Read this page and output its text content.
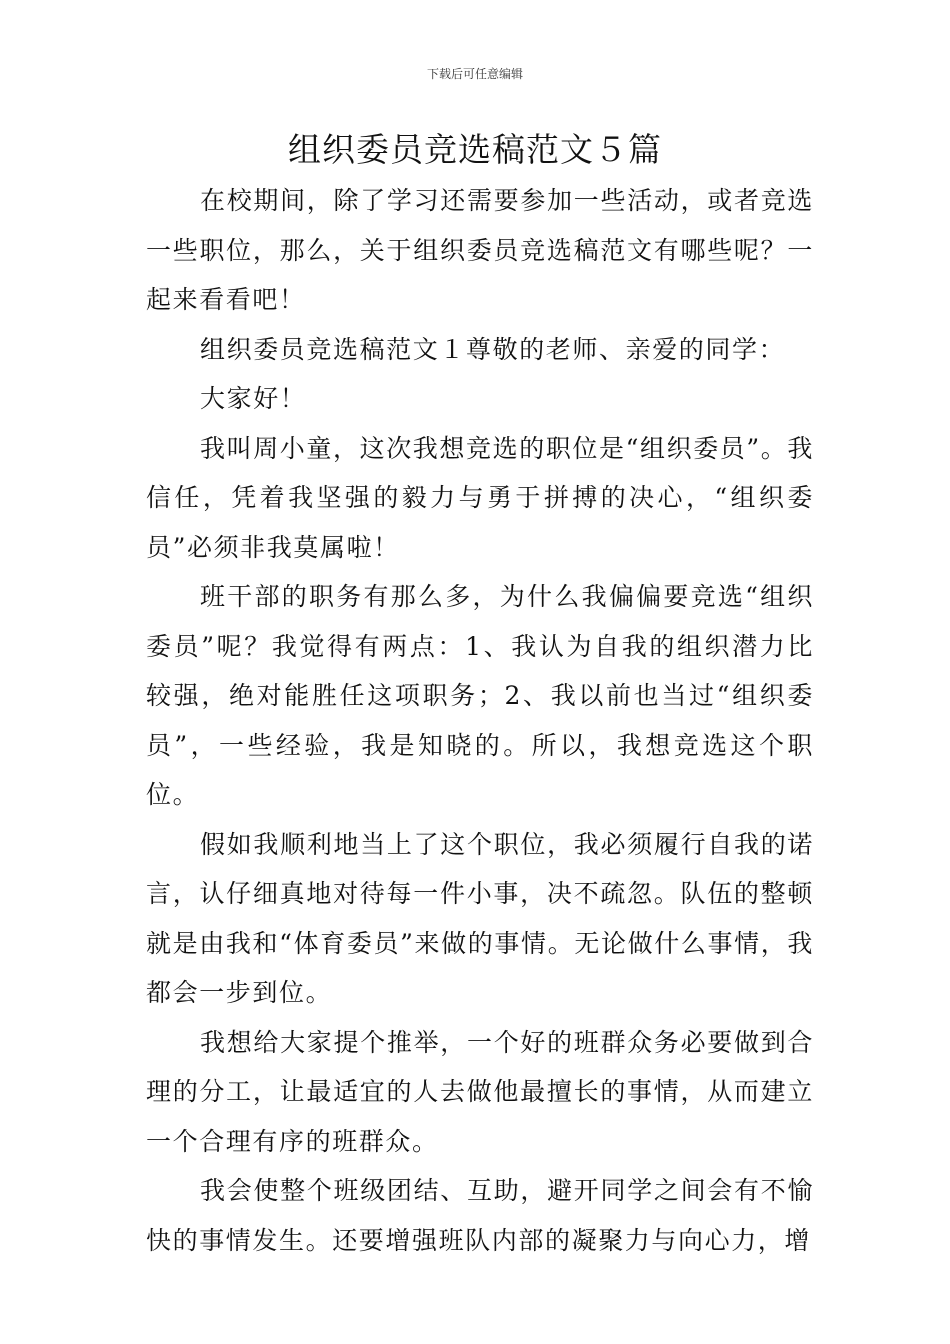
下载后可任意编辑
组织委员竞选稿范文５篇

在校期间，除了学习还需要参加一些活动，或者竞选一些职位，那么，关于组织委员竞选稿范文有哪些呢？一起来看看吧！

组织委员竞选稿范文１尊敬的老师、亲爱的同学：

大家好！

我叫周小童，这次我想竞选的职位是“组织委员”。我信任，凭着我坚强的毅力与勇于拼搏的决心，“组织委员”必须非我莫属啦！

班干部的职务有那么多，为什么我偏偏要竞选“组织委员”呢？我觉得有两点：1、我认为自我的组织潜力比较强，绝对能胜任这项职务；2、我以前也当过“组织委员”，一些经验，我是知晓的。所以，我想竞选这个职位。

假如我顺利地当上了这个职位，我必须履行自我的诺言，认仔细真地对待每一件小事，决不疏忽。队伍的整顿就是由我和“体育委员”来做的事情。无论做什么事情，我都会一步到位。

我想给大家提个推举，一个好的班群众务必要做到合理的分工，让最适宜的人去做他最擅长的事情，从而建立一个合理有序的班群众。

我会使整个班级团结、互助，避开同学之间会有不愉快的事情发生。还要增强班队内部的凝聚力与向心力，增
